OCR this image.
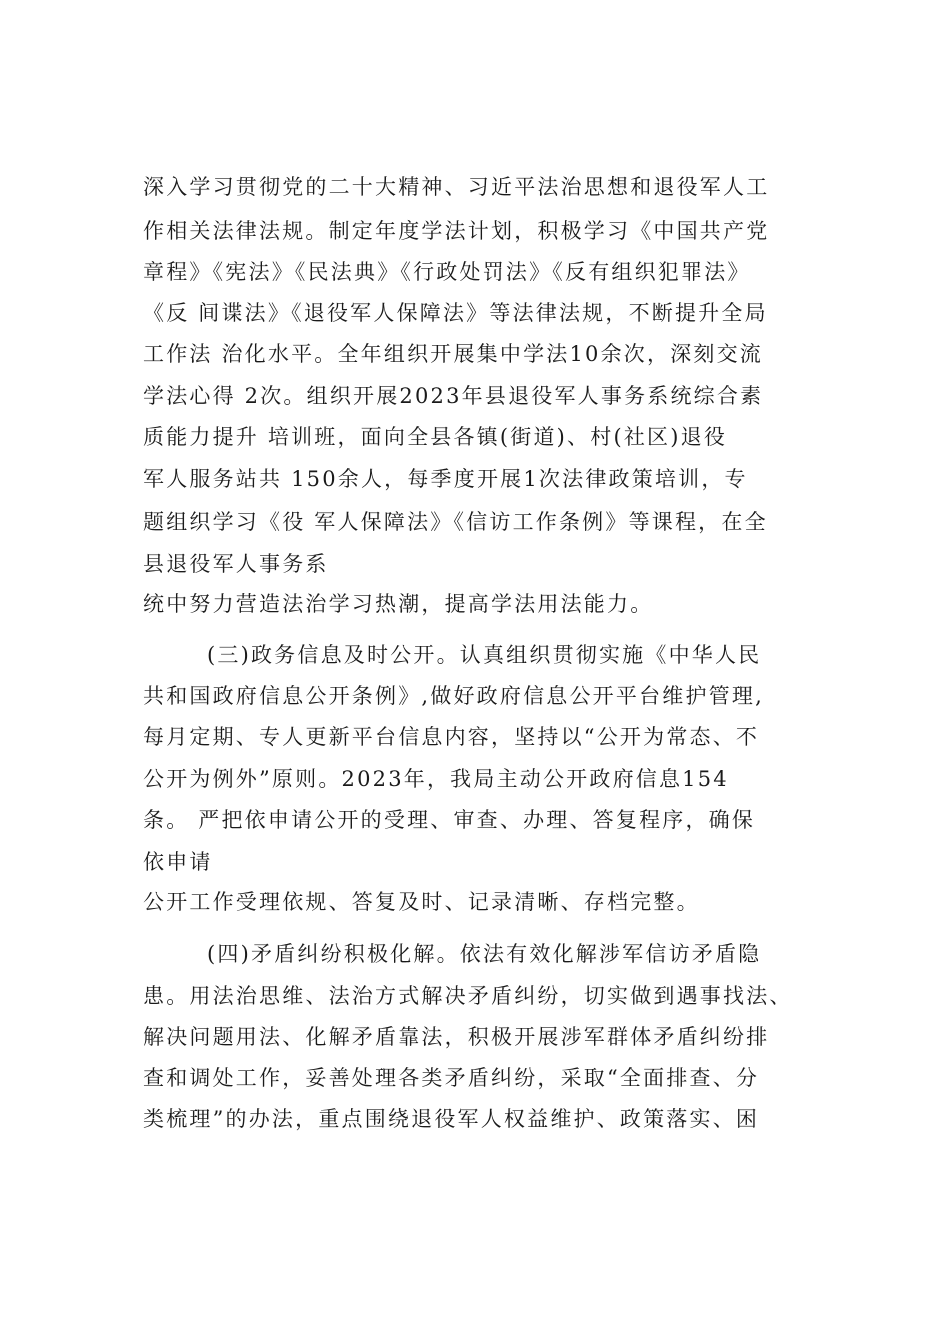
深入学习贯彻党的二十大精神、习近平法治思想和退役军人工
作相关法律法规。制定年度学法计划，积极学习《中国共产党
章程》《宪法》《民法典》《行政处罚法》《反有组织犯罪法》
《反 间谍法》《退役军人保障法》等法律法规，不断提升全局
工作法 治化水平。全年组织开展集中学法10余次，深刻交流
学法心得 2次。组织开展2023年县退役军人事务系统综合素
质能力提升 培训班，面向全县各镇(街道)、村(社区)退役
军人服务站共 150余人，每季度开展1次法律政策培训，专
题组织学习《役 军人保障法》《信访工作条例》等课程，在全
县退役军人事务系
统中努力营造法治学习热潮，提高学法用法能力。
(三)政务信息及时公开。认真组织贯彻实施《中华人民
共和国政府信息公开条例》,做好政府信息公开平台维护管理,
每月定期、专人更新平台信息内容，坚持以“公开为常态、不
公开为例外”原则。2023年，我局主动公开政府信息154
条。 严把依申请公开的受理、审查、办理、答复程序，确保
依申请
公开工作受理依规、答复及时、记录清晰、存档完整。
(四)矛盾纠纷积极化解。依法有效化解涉军信访矛盾隐
患。用法治思维、法治方式解决矛盾纠纷，切实做到遇事找法、
解决问题用法、化解矛盾靠法，积极开展涉军群体矛盾纠纷排
查和调处工作，妥善处理各类矛盾纠纷，采取“全面排查、分
类梳理”的办法，重点围绕退役军人权益维护、政策落实、困
